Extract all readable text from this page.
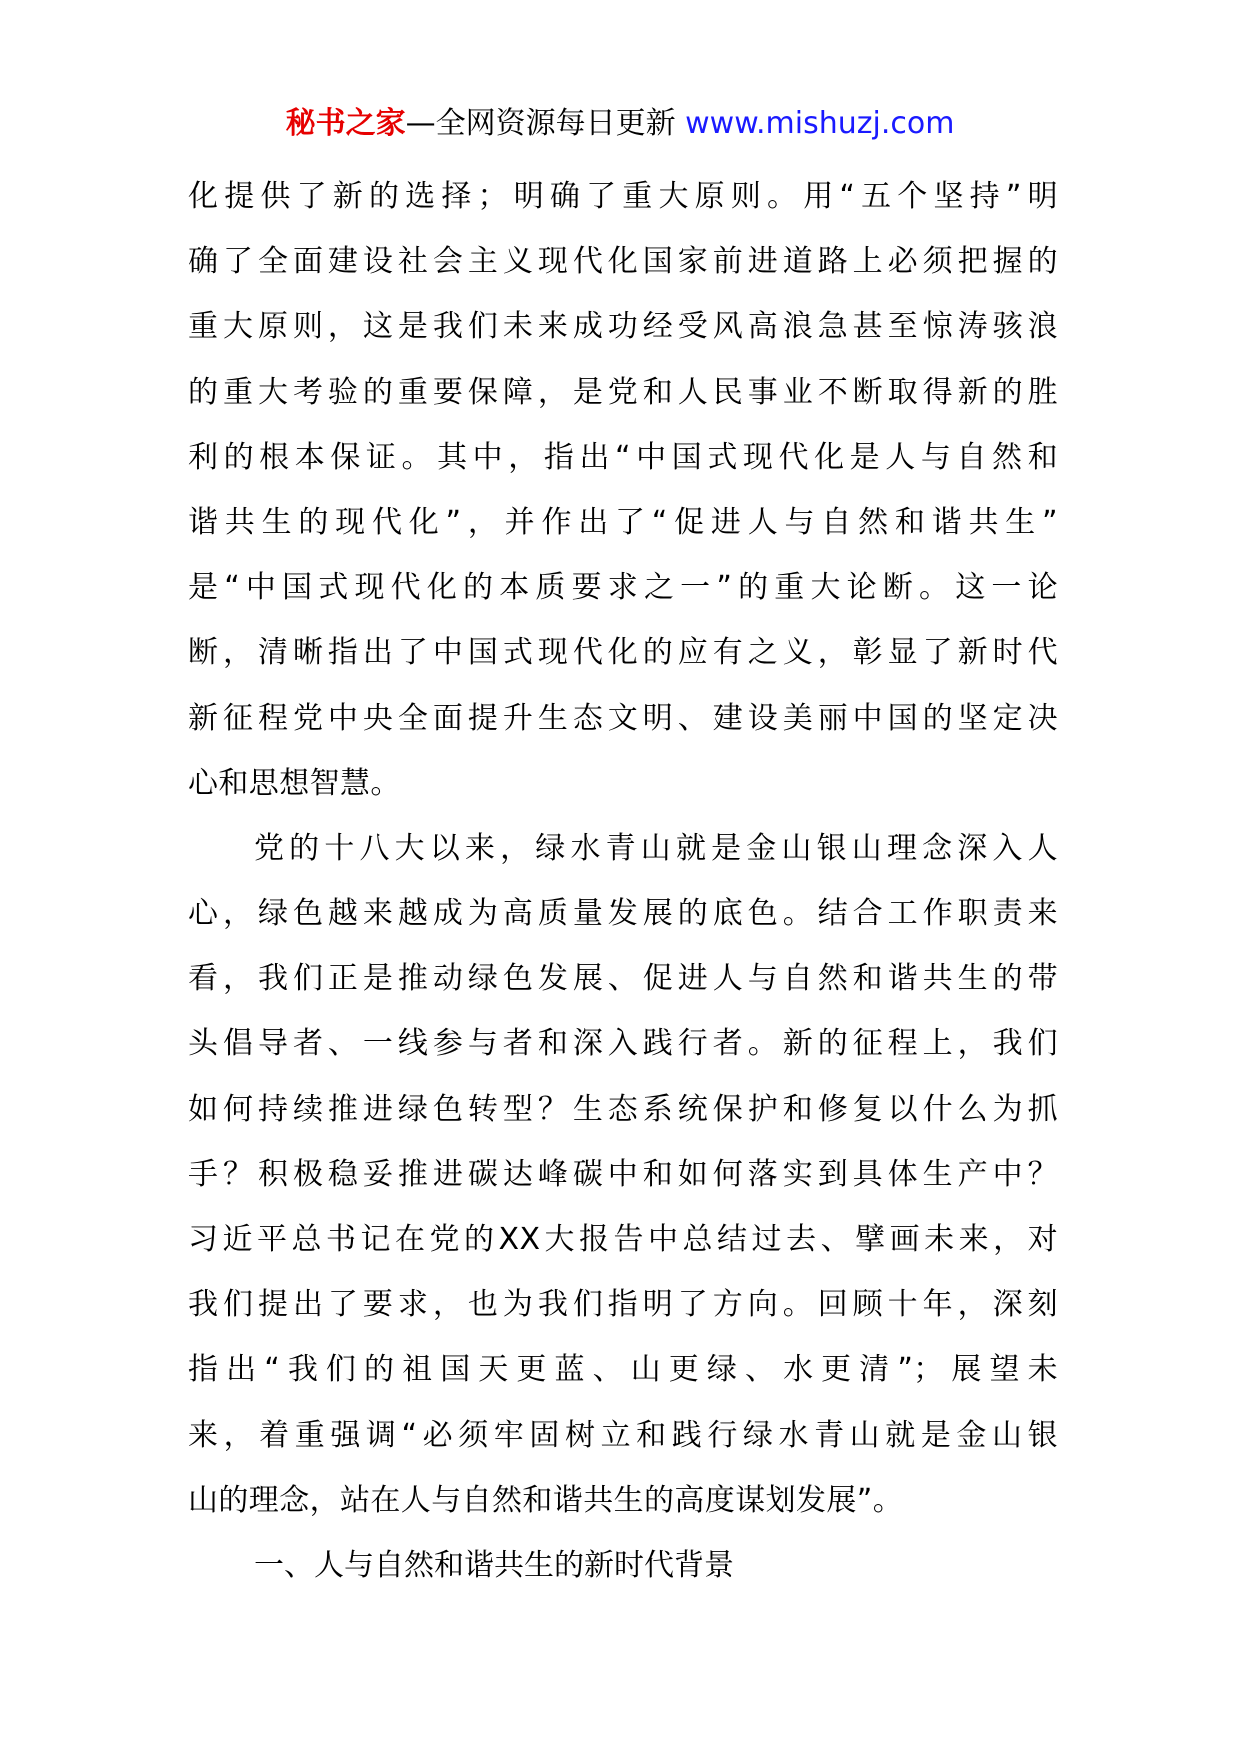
秘书之家—全网资源每日更新 www.mishuzj.com

化提供了新的选择；明确了重大原则。用“五个坚持”明
确了全面建设社会主义现代化国家前进道路上必须把握的
重大原则，这是我们未来成功经受风高浪急甚至惊涛骇浪
的重大考验的重要保障，是党和人民事业不断取得新的胜
利的根本保证。其中，指出“中国式现代化是人与自然和
谐共生的现代化”，并作出了“促进人与自然和谐共生”
是“中国式现代化的本质要求之一”的重大论断。这一论
断，清晰指出了中国式现代化的应有之义，彰显了新时代
新征程党中央全面提升生态文明、建设美丽中国的坚定决
心和思想智慧。

党的十八大以来，绿水青山就是金山银山理念深入人
心，绿色越来越成为高质量发展的底色。结合工作职责来
看，我们正是推动绿色发展、促进人与自然和谐共生的带
头倡导者、一线参与者和深入践行者。新的征程上，我们
如何持续推进绿色转型？生态系统保护和修复以什么为抓
手？积极稳妥推进碳达峰碳中和如何落实到具体生产中？
习近平总书记在党的XX大报告中总结过去、擘画未来，对
我们提出了要求，也为我们指明了方向。回顾十年，深刻
指出“我们的祖国天更蓝、山更绿、水更清”；展望未
来，着重强调“必须牢固树立和践行绿水青山就是金山银
山的理念，站在人与自然和谐共生的高度谋划发展”。

一、人与自然和谐共生的新时代背景
